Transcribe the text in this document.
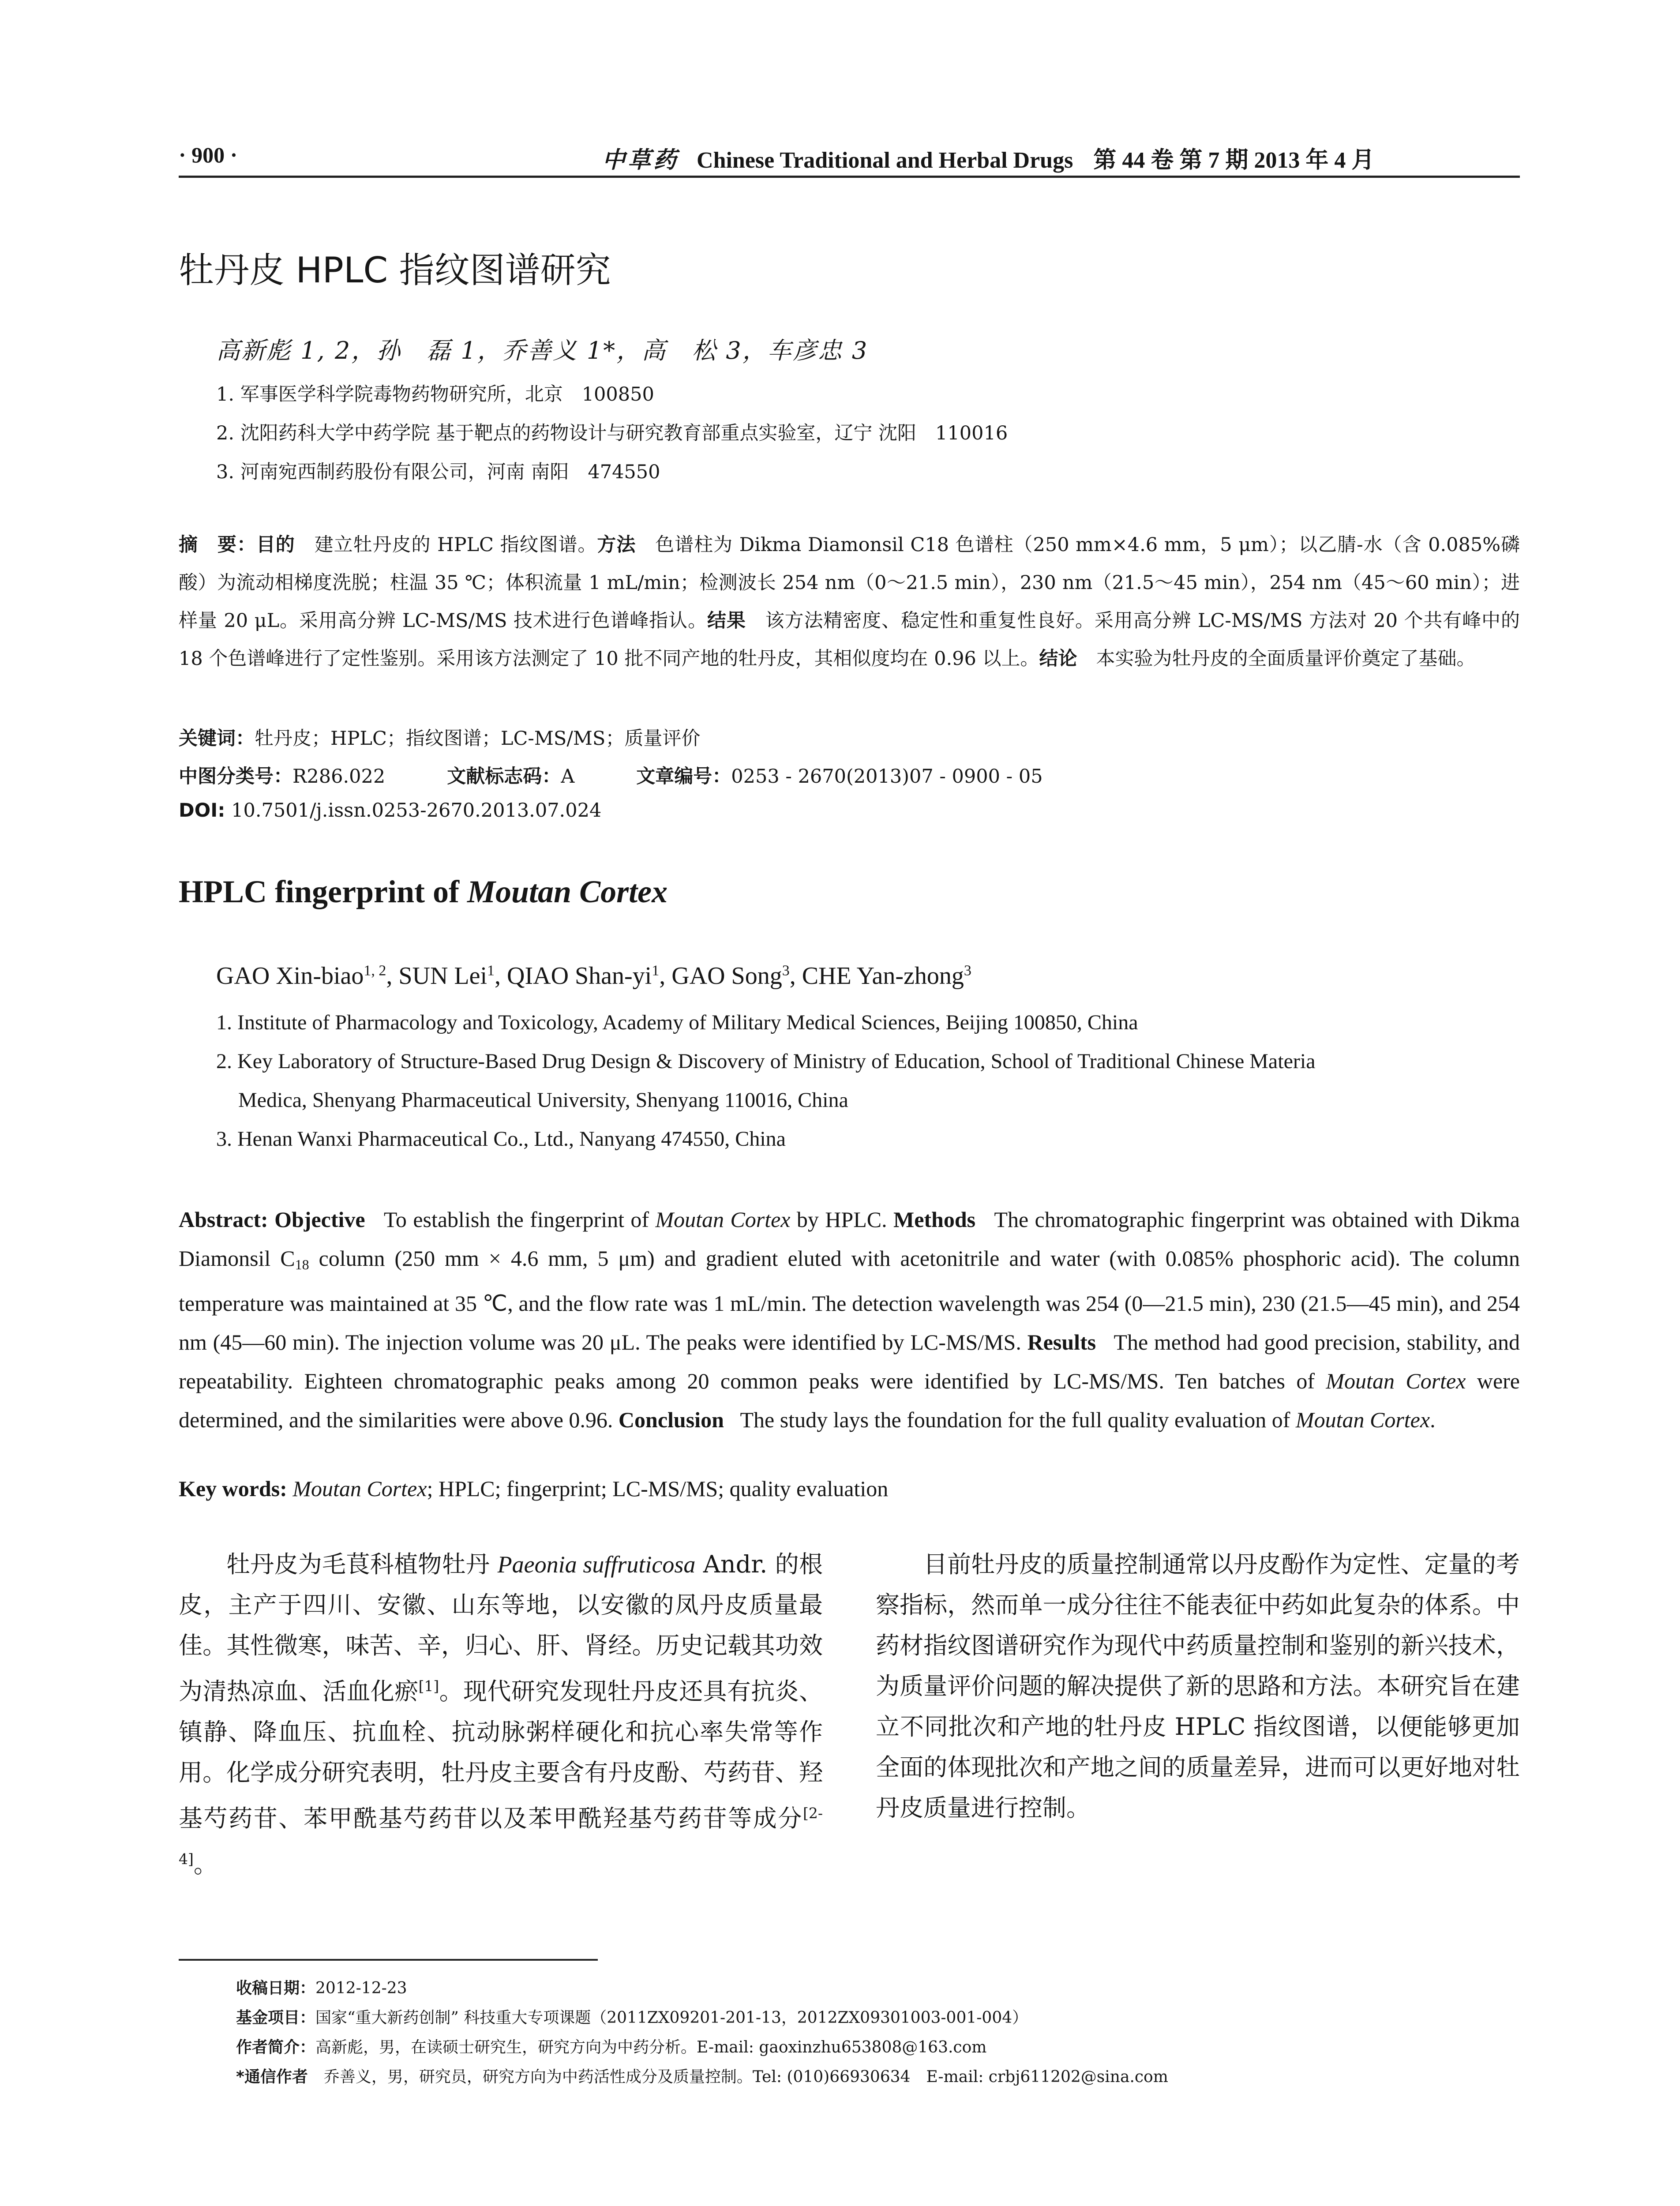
· 900 ·	中草药 Chinese Traditional and Herbal Drugs 第 44 卷 第 7 期 2013 年 4 月
牡丹皮 HPLC 指纹图谱研究
高新彪 1, 2，孙　磊 1，乔善义 1*，高　松 3，车彦忠 3
1. 军事医学科学院毒物药物研究所，北京　100850
2. 沈阳药科大学中药学院 基于靶点的药物设计与研究教育部重点实验室，辽宁 沈阳　110016
3. 河南宛西制药股份有限公司，河南 南阳　474550
摘　要：目的　 建立牡丹皮的 HPLC 指纹图谱。方法　 色谱柱为 Dikma Diamonsil C18 色谱柱（250 mm×4.6 mm，5 μm）；以乙腈-水（含 0.085%磷酸）为流动相梯度洗脱；柱温 35 ℃；体积流量 1 mL/min；检测波长 254 nm（0～21.5 min），230 nm（21.5～45 min），254 nm（45～60 min）；进样量 20 μL。采用高分辨 LC-MS/MS 技术进行色谱峰指认。结果　 该方法精密度、稳定性和重复性良好。采用高分辨 LC-MS/MS 方法对 20 个共有峰中的 18 个色谱峰进行了定性鉴别。采用该方法测定了 10 批不同产地的牡丹皮，其相似度均在 0.96 以上。结论　 本实验为牡丹皮的全面质量评价奠定了基础。
关键词：牡丹皮；HPLC；指纹图谱；LC-MS/MS；质量评价
中图分类号：R286.022	文献标志码：A	文章编号：0253 - 2670(2013)07 - 0900 - 05
DOI: 10.7501/j.issn.0253-2670.2013.07.024
HPLC fingerprint of Moutan Cortex
GAO Xin-biao$^{1, 2}$, SUN Lei$^1$, QIAO Shan-$yi^1$, GAO Song$^3$, CHE Yan-zhong$^3$
1. Institute of Pharmacology and Toxicology, Academy of Military Medical Sciences, Beijing 100850, China
2. Key Laboratory of Structure-Based Drug Design & Discovery of Ministry of Education, School of Traditional Chinese Materia
Medica, Shenyang Pharmaceutical University, Shenyang 110016, China
3. Henan Wanxi Pharmaceutical Co., Ltd., Nanyang 474550, China
Abstract: Objective To establish the fingerprint of Moutan Cortex by HPLC. Methods The chromatographic fingerprint was obtained with Dikma Diamonsil $C_{18}$ column (250 mm × 4.6 mm, 5 μm) and gradient eluted with acetonitrile and water (with 0.085% phosphoric acid). The column temperature was maintained at 35 ℃, and the flow rate was 1 mL/min. The detection wavelength was 254 (0—21.5 min), 230 (21.5—45 min), and 254 nm (45—60 min). The injection volume was 20 μL. The peaks were identified by LC-MS/MS. Results The method had good precision, stability, and repeatability. Eighteen chromatographic peaks among 20 common peaks were identified by LC-MS/MS. Ten batches of Moutan Cortex were determined, and the similarities were above 0.96. Conclusion The study lays the foundation for the full quality evaluation of Moutan Cortex.
Key words: Moutan Cortex; HPLC; fingerprint; LC-MS/MS; quality evaluation

牡丹皮为毛茛科植物牡丹 Paeonia suffruticosa Andr. 的根皮，主产于四川、安徽、山东等地，以安徽的凤丹皮质量最佳。其性微寒，味苦、辛，归心、肝、肾经。历史记载其功效为清热凉血、活血化瘀[1]。现代研究发现牡丹皮还具有抗炎、镇静、降血压、抗血栓、抗动脉粥样硬化和抗心率失常等作用。化学成分研究表明，牡丹皮主要含有丹皮酚、芍药苷、羟基芍药苷、苯甲酰基芍药苷以及苯甲酰羟基芍药苷等成分[2-4]。

目前牡丹皮的质量控制通常以丹皮酚作为定性、定量的考察指标，然而单一成分往往不能表征中药如此复杂的体系。中药材指纹图谱研究作为现代中药质量控制和鉴别的新兴技术，为质量评价问题的解决提供了新的思路和方法。本研究旨在建立不同批次和产地的牡丹皮 HPLC 指纹图谱，以便能够更加全面的体现批次和产地之间的质量差异，进而可以更好地对牡丹皮质量进行控制。

收稿日期：2012-12-23
基金项目：国家“重大新药创制” 科技重大专项课题（2011ZX09201-201-13，2012ZX09301003-001-004）
作者简介：高新彪，男，在读硕士研究生，研究方向为中药分析。E-mail: gaoxinzhu653808@163.com
*通信作者　 乔善义，男，研究员，研究方向为中药活性成分及质量控制。Tel: (010)66930634　E-mail: crbj611202@sina.com
